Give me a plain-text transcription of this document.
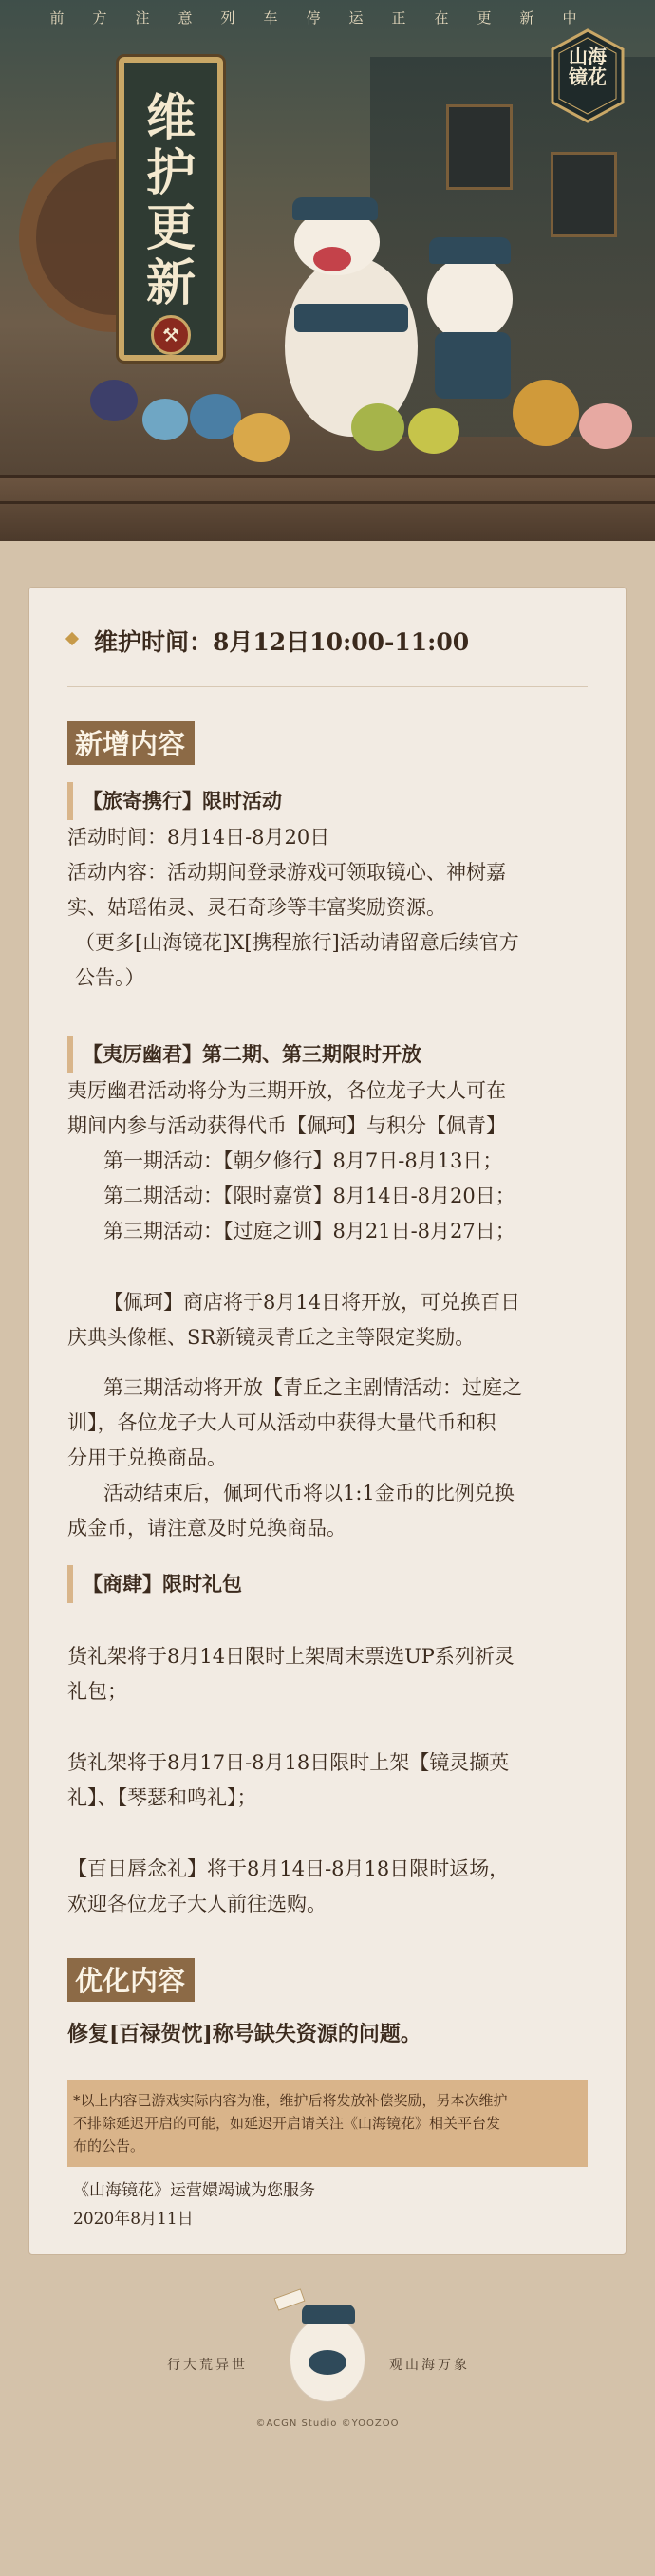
前方注意列车停运正在更新中
维
护
更
新
⚒
山海镜花
维护时间：8月12日10:00-11:00
新增内容
【旅寄携行】限时活动
活动时间：8月14日-8月20日
活动内容：活动期间登录游戏可领取镜心、神树嘉
实、姑瑶佑灵、灵石奇珍等丰富奖励资源。
（更多[山海镜花]X[携程旅行]活动请留意后续官方
公告。）
【夷厉幽君】第二期、第三期限时开放
夷厉幽君活动将分为三期开放，各位龙子大人可在
期间内参与活动获得代币【佩珂】与积分【佩青】
第一期活动：【朝夕修行】8月7日-8月13日；
第二期活动：【限时嘉赏】8月14日-8月20日；
第三期活动：【过庭之训】8月21日-8月27日；
【佩珂】商店将于8月14日将开放，可兑换百日
庆典头像框、SR新镜灵青丘之主等限定奖励。
第三期活动将开放【青丘之主剧情活动：过庭之
训】，各位龙子大人可从活动中获得大量代币和积
分用于兑换商品。
活动结束后，佩珂代币将以1:1金币的比例兑换
成金币，请注意及时兑换商品。
【商肆】限时礼包
货礼架将于8月14日限时上架周末票选UP系列祈灵
礼包；
货礼架将于8月17日-8月18日限时上架【镜灵撷英
礼】、【琴瑟和鸣礼】；
【百日唇念礼】将于8月14日-8月18日限时返场，
欢迎各位龙子大人前往选购。
优化内容
修复[百禄贺忱]称号缺失资源的问题。
*以上内容已游戏实际内容为准，维护后将发放补偿奖励，另本次维护
不排除延迟开启的可能，如延迟开启请关注《山海镜花》相关平台发
布的公告。
《山海镜花》运营嬛竭诚为您服务
2020年8月11日
行大荒异世	观山海万象
©ACGN Studio ©YOOZOO
